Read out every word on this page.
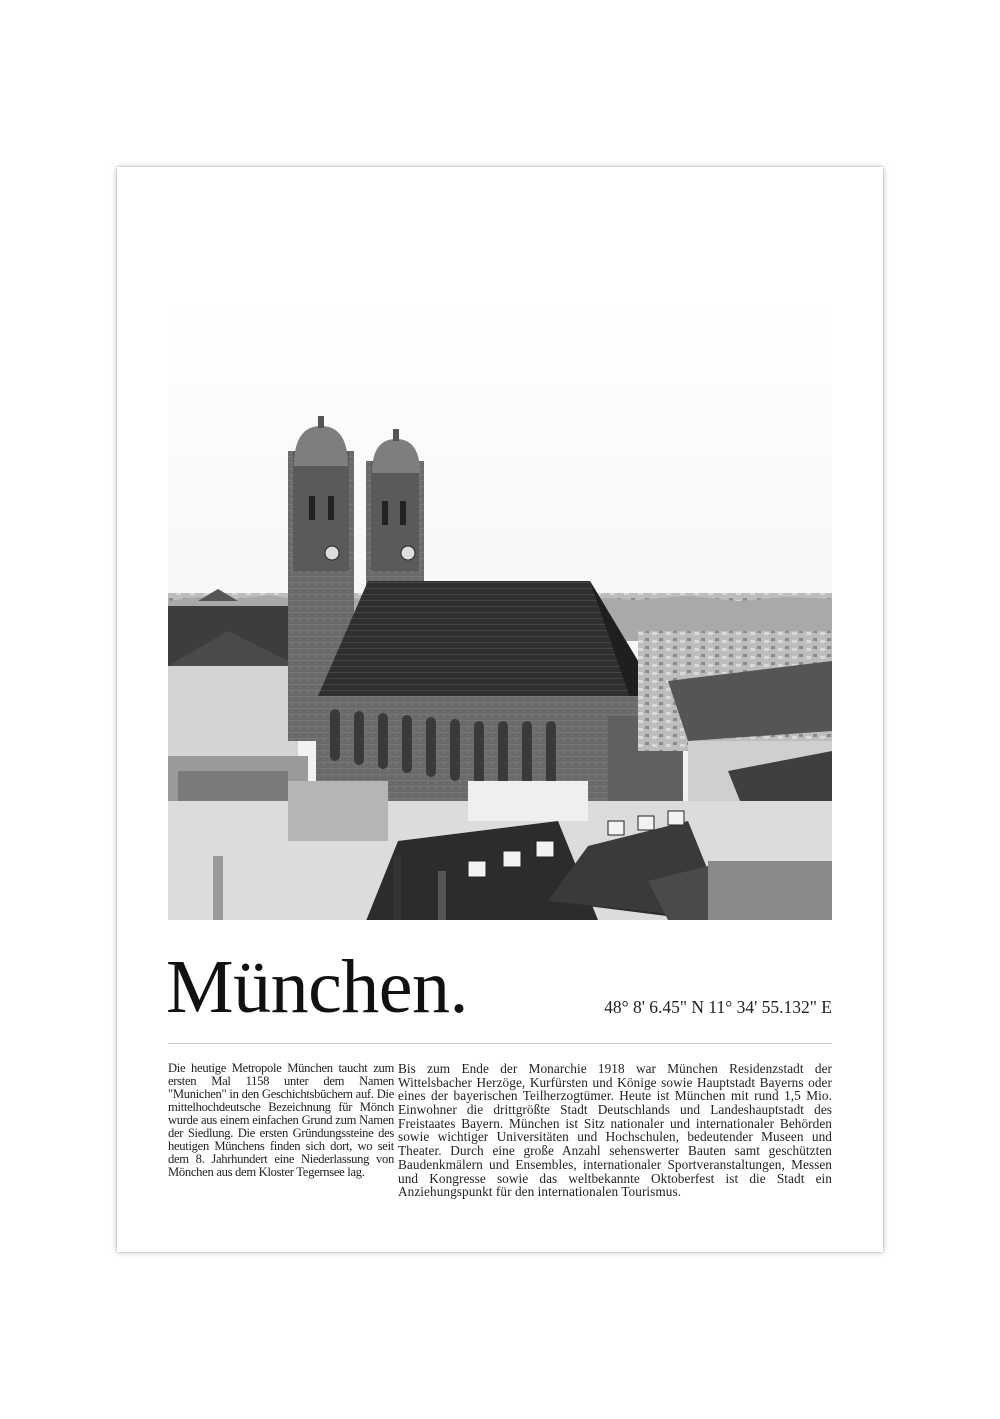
München.	48° 8' 6.45" N 11° 34' 55.132" E
Die heutige Metropole München taucht zum ersten Mal 1158 unter dem Namen "Munichen" in den Geschichtsbüchern auf. Die mittelhochdeutsche Bezeichnung für Mönch wurde aus einem einfachen Grund zum Namen der Siedlung. Die ersten Gründungssteine des heutigen Münchens finden sich dort, wo seit dem 8. Jahrhundert eine Niederlassung von Mönchen aus dem Kloster Tegernsee lag.
Bis zum Ende der Monarchie 1918 war München Residenzstadt der Wittelsbacher Herzöge, Kurfürsten und Könige sowie Hauptstadt Bayerns oder eines der bayerischen Teilherzogtümer. Heute ist München mit rund 1,5 Mio. Einwohner die drittgrößte Stadt Deutschlands und Landeshauptstadt des Freistaates Bayern. München ist Sitz nationaler und internationaler Behörden sowie wichtiger Universitäten und Hochschulen, bedeutender Museen und Theater. Durch eine große Anzahl sehenswerter Bauten samt geschützten Baudenkmälern und Ensembles, internationaler Sportveranstaltungen, Messen und Kongresse sowie das weltbekannte Oktoberfest ist die Stadt ein Anziehungspunkt für den internationalen Tourismus.
